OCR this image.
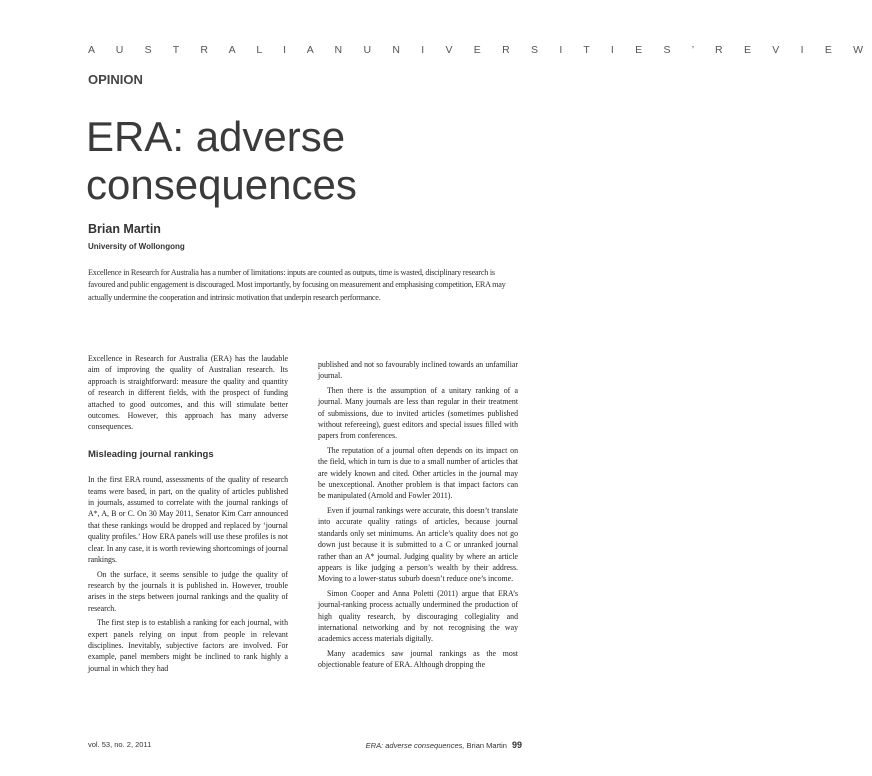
A U S T R A L I A N U N I V E R S I T I E S ’ R E V I E W
OPINION
ERA: adverse consequences
Brian Martin
University of Wollongong
Excellence in Research for Australia has a number of limitations: inputs are counted as outputs, time is wasted, disciplinary research is
favoured and public engagement is discouraged. Most importantly, by focusing on measurement and emphasising competition, ERA may
actually undermine the cooperation and intrinsic motivation that underpin research performance.

Excellence in Research for Australia (ERA) has the laudable aim of improving the quality of Australian research. Its approach is straightforward: measure the quality and quantity of research in different fields, with the prospect of funding attached to good outcomes, and this will stimulate better outcomes. However, this approach has many adverse consequences.

Misleading journal rankings

In the first ERA round, assessments of the quality of research teams were based, in part, on the quality of articles published in journals, assumed to correlate with the journal rankings of A*, A, B or C. On 30 May 2011, Senator Kim Carr announced that these rankings would be dropped and replaced by ‘journal quality profiles.’ How ERA panels will use these profiles is not clear. In any case, it is worth reviewing shortcomings of journal rankings.

On the surface, it seems sensible to judge the quality of research by the journals it is published in. However, trouble arises in the steps between journal rankings and the quality of research.

The first step is to establish a ranking for each journal, with expert panels relying on input from people in relevant disciplines. Inevitably, subjective factors are involved. For example, panel members might be inclined to rank highly a journal in which they had

published and not so favourably inclined towards an unfamiliar journal.

Then there is the assumption of a unitary ranking of a journal. Many journals are less than regular in their treatment of submissions, due to invited articles (sometimes published without refereeing), guest editors and special issues filled with papers from conferences.

The reputation of a journal often depends on its impact on the field, which in turn is due to a small number of articles that are widely known and cited. Other articles in the journal may be unexceptional. Another problem is that impact factors can be manipulated (Arnold and Fowler 2011).

Even if journal rankings were accurate, this doesn’t translate into accurate quality ratings of articles, because journal standards only set minimums. An article’s quality does not go down just because it is submitted to a C or unranked journal rather than an A* journal. Judging quality by where an article appears is like judging a person’s wealth by their address. Moving to a lower-status suburb doesn’t reduce one’s income.

Simon Cooper and Anna Poletti (2011) argue that ERA’s journal-ranking process actually undermined the production of high quality research, by discouraging collegiality and international networking and by not recognising the way academics access materials digitally.

Many academics saw journal rankings as the most objectionable feature of ERA. Although dropping the

vol. 53, no. 2, 2011	ERA: adverse consequences, Brian Martin 99
